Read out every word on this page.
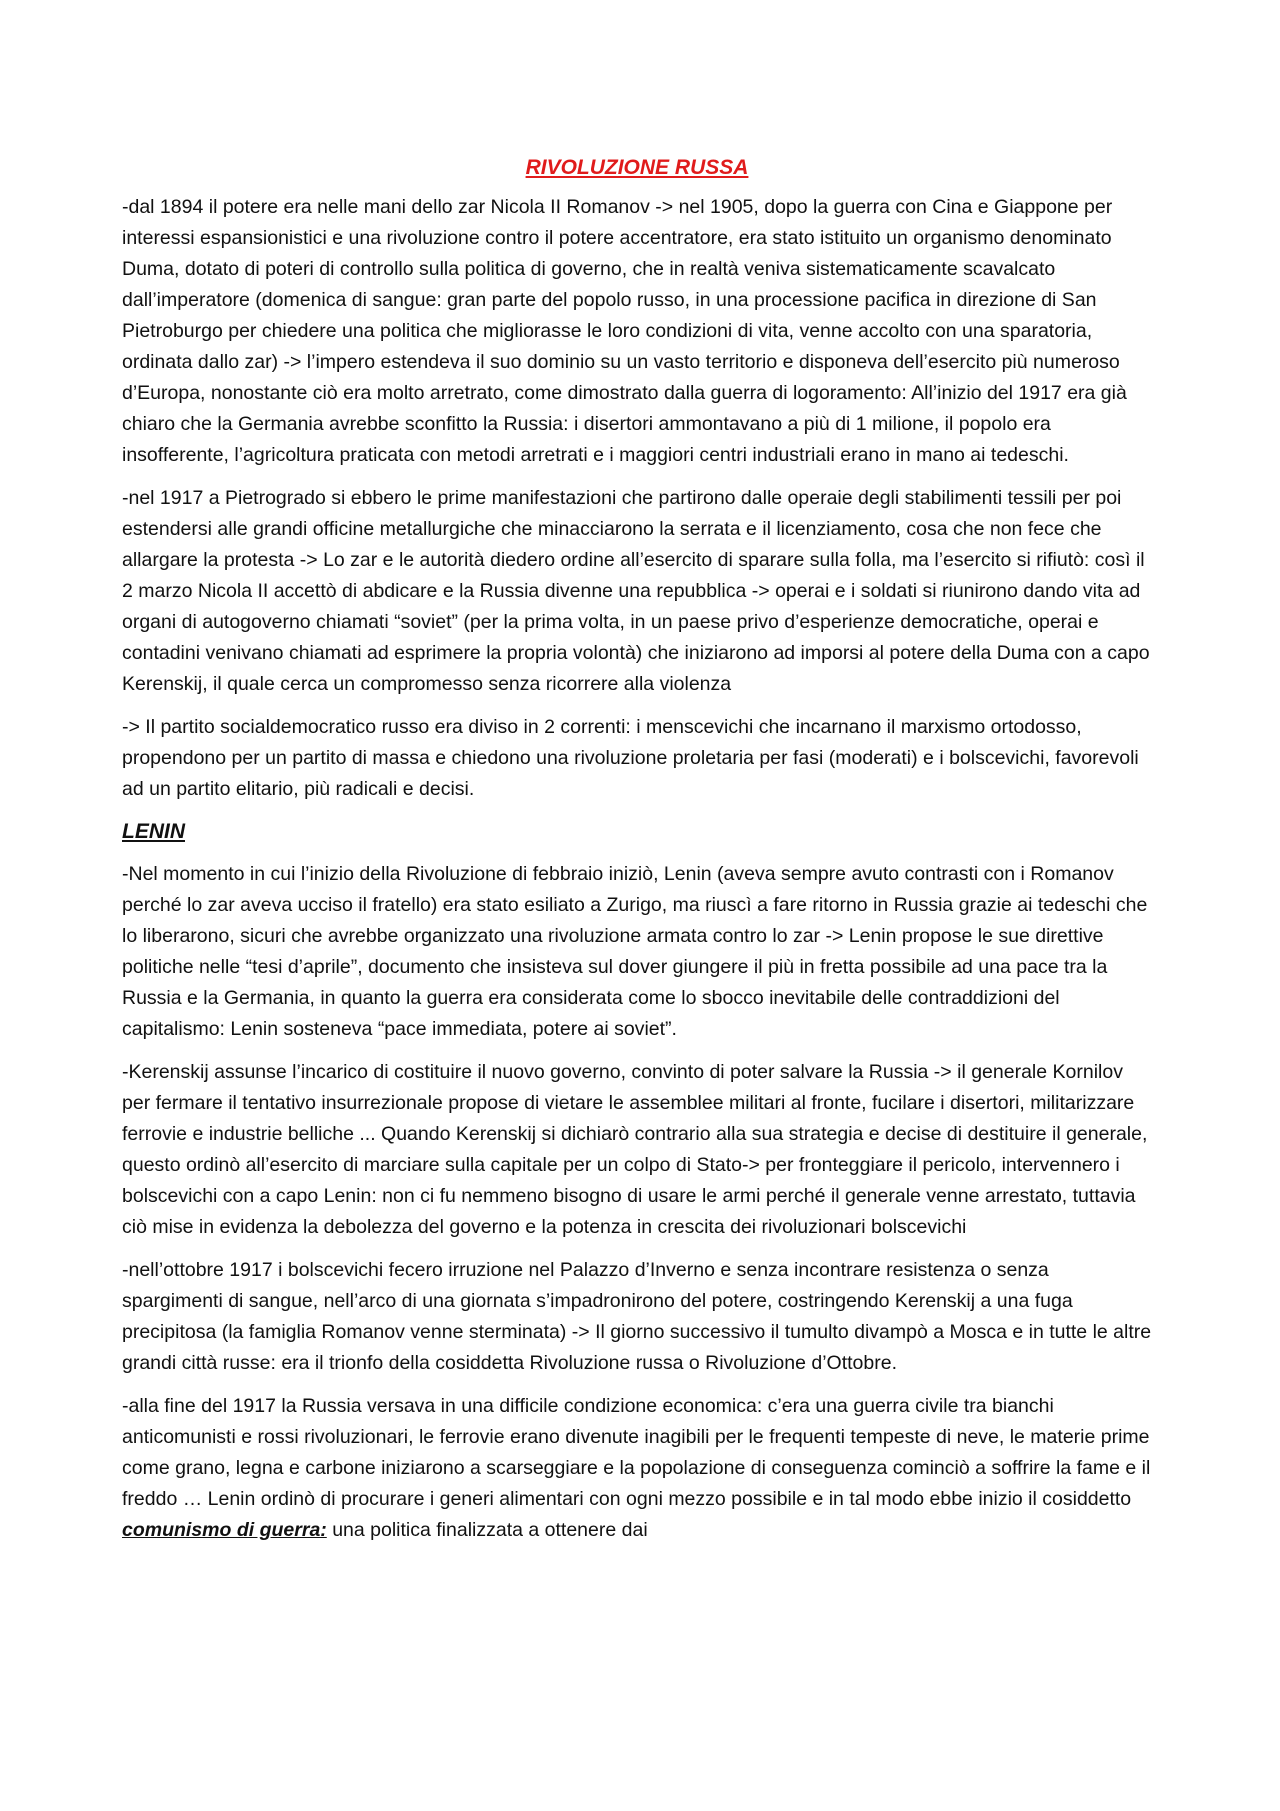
RIVOLUZIONE RUSSA

-dal 1894 il potere era nelle mani dello zar Nicola II Romanov -> nel 1905, dopo la guerra con Cina e Giappone per interessi espansionistici e una rivoluzione contro il potere accentratore, era stato istituito un organismo denominato Duma, dotato di poteri di controllo sulla politica di governo, che in realtà veniva sistematicamente scavalcato dall’imperatore (domenica di sangue: gran parte del popolo russo, in una processione pacifica in direzione di San Pietroburgo per chiedere una politica che migliorasse le loro condizioni di vita, venne accolto con una sparatoria, ordinata dallo zar) -> l’impero estendeva il suo dominio su un vasto territorio e disponeva dell’esercito più numeroso d’Europa, nonostante ciò era molto arretrato, come dimostrato dalla guerra di logoramento: All’inizio del 1917 era già chiaro che la Germania avrebbe sconfitto la Russia: i disertori ammontavano a più di 1 milione, il popolo era insofferente, l’agricoltura praticata con metodi arretrati e i maggiori centri industriali erano in mano ai tedeschi.

-nel 1917 a Pietrogrado si ebbero le prime manifestazioni che partirono dalle operaie degli stabilimenti tessili per poi estendersi alle grandi officine metallurgiche che minacciarono la serrata e il licenziamento, cosa che non fece che allargare la protesta -> Lo zar e le autorità diedero ordine all’esercito di sparare sulla folla, ma l’esercito si rifiutò: così il 2 marzo Nicola II accettò di abdicare e la Russia divenne una repubblica -> operai e i soldati si riunirono dando vita ad organi di autogoverno chiamati “soviet” (per la prima volta, in un paese privo d’esperienze democratiche, operai e contadini venivano chiamati ad esprimere la propria volontà) che iniziarono ad imporsi al potere della Duma con a capo Kerenskij, il quale cerca un compromesso senza ricorrere alla violenza

-> Il partito socialdemocratico russo era diviso in 2 correnti: i menscevichi che incarnano il marxismo ortodosso, propendono per un partito di massa e chiedono una rivoluzione proletaria per fasi (moderati) e i bolscevichi, favorevoli ad un partito elitario, più radicali e decisi.

LENIN

-Nel momento in cui l’inizio della Rivoluzione di febbraio iniziò, Lenin (aveva sempre avuto contrasti con i Romanov perché lo zar aveva ucciso il fratello) era stato esiliato a Zurigo, ma riuscì a fare ritorno in Russia grazie ai tedeschi che lo liberarono, sicuri che avrebbe organizzato una rivoluzione armata contro lo zar -> Lenin propose le sue direttive politiche nelle “tesi d’aprile”, documento che insisteva sul dover giungere il più in fretta possibile ad una pace tra la Russia e la Germania, in quanto la guerra era considerata come lo sbocco inevitabile delle contraddizioni del capitalismo: Lenin sosteneva “pace immediata, potere ai soviet”.

-Kerenskij assunse l’incarico di costituire il nuovo governo, convinto di poter salvare la Russia -> il generale Kornilov per fermare il tentativo insurrezionale propose di vietare le assemblee militari al fronte, fucilare i disertori, militarizzare ferrovie e industrie belliche ... Quando Kerenskij si dichiarò contrario alla sua strategia e decise di destituire il generale, questo ordinò all’esercito di marciare sulla capitale per un colpo di Stato-> per fronteggiare il pericolo, intervennero i bolscevichi con a capo Lenin: non ci fu nemmeno bisogno di usare le armi perché il generale venne arrestato, tuttavia ciò mise in evidenza la debolezza del governo e la potenza in crescita dei rivoluzionari bolscevichi

-nell’ottobre 1917 i bolscevichi fecero irruzione nel Palazzo d’Inverno e senza incontrare resistenza o senza spargimenti di sangue, nell’arco di una giornata s’impadronirono del potere, costringendo Kerenskij a una fuga precipitosa (la famiglia Romanov venne sterminata) -> Il giorno successivo il tumulto divampò a Mosca e in tutte le altre grandi città russe: era il trionfo della cosiddetta Rivoluzione russa o Rivoluzione d’Ottobre.

-alla fine del 1917 la Russia versava in una difficile condizione economica: c’era una guerra civile tra bianchi anticomunisti e rossi rivoluzionari, le ferrovie erano divenute inagibili per le frequenti tempeste di neve, le materie prime come grano, legna e carbone iniziarono a scarseggiare e la popolazione di conseguenza cominciò a soffrire la fame e il freddo … Lenin ordinò di procurare i generi alimentari con ogni mezzo possibile e in tal modo ebbe inizio il cosiddetto comunismo di guerra: una politica finalizzata a ottenere dai
